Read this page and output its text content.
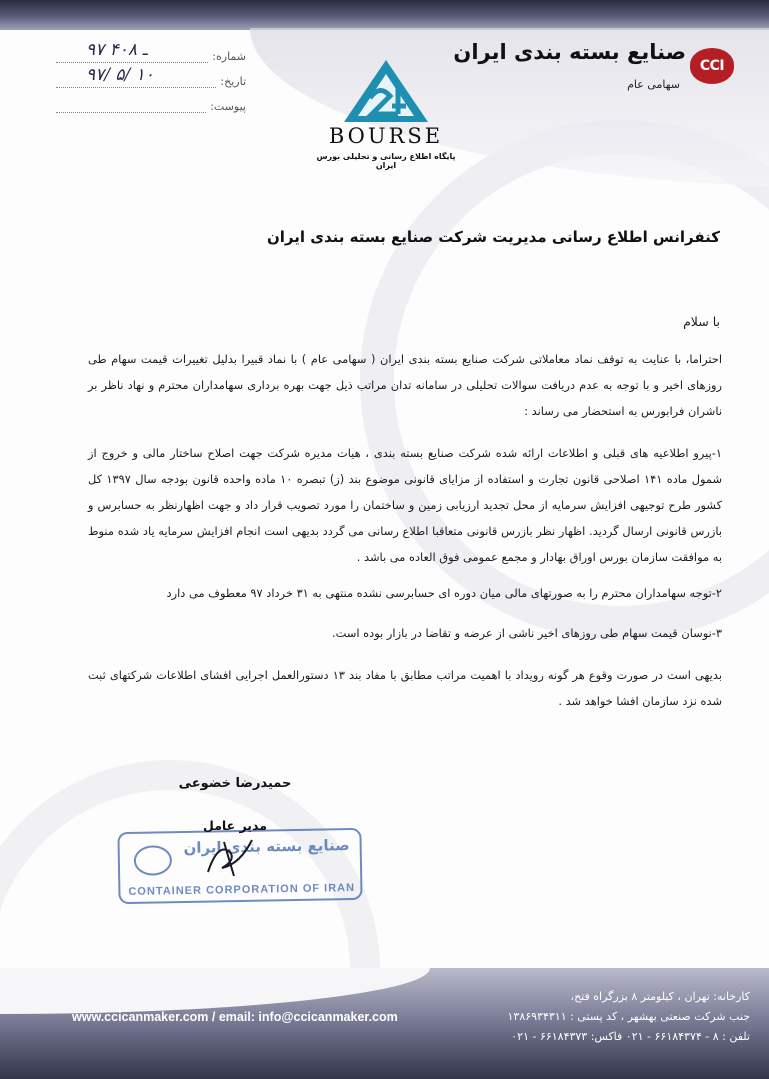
شماره:
۹۷ ـ ۴۰۸
تاریخ:
۹۷/ ۵/ ۱۰
پیوست:
CCI
صنایع بسته بندی ایران
سهامی عام
BOURSE
پایگاه اطلاع رسانی و تحلیلی بورس ایران
کنفرانس اطلاع رسانی مدیریت شرکت صنایع بسته بندی ایران
با سلام
احتراما، با عنایت به توقف نماد معاملاتی شرکت صنایع بسته بندی ایران ( سهامی عام ) با نماد قبیرا بدلیل تغییرات قیمت سهام طی روزهای اخیر و با توجه به عدم دریافت سوالات تحلیلی در سامانه تدان مراتب ذیل جهت بهره برداری سهامداران محترم و نهاد ناظر بر ناشران فرابورس به استحضار می رساند :
۱-پیرو اطلاعیه های قبلی و اطلاعات ارائه شده شرکت صنایع بسته بندی ، هیات مدیره شرکت جهت اصلاح ساختار مالی و خروج از شمول ماده ۱۴۱ اصلاحی قانون تجارت و استفاده از مزایای قانونی موضوع بند (ز) تبصره ۱۰ ماده واحده قانون بودجه سال ۱۳۹۷ کل کشور طرح توجیهی افزایش سرمایه از محل تجدید ارزیابی زمین و ساختمان را مورد تصویب قرار داد و جهت اظهارنظر به حسابرس و بازرس قانونی ارسال گردید. اظهار نظر بازرس قانونی متعاقبا اطلاع رسانی می گردد بدیهی است انجام افزایش سرمایه یاد شده منوط به موافقت سازمان بورس اوراق بهادار و مجمع عمومی فوق العاده می باشد .
۲-توجه سهامداران محترم را به صورتهای مالی میان دوره ای حسابرسی نشده منتهی به ۳۱ خرداد ۹۷ معطوف می دارد
۳-نوسان قیمت سهام طی روزهای اخیر ناشی از عرضه و تقاضا در بازار بوده است.
بدیهی است در صورت وقوع هر گونه رویداد با اهمیت مراتب مطابق با مفاد بند ۱۳ دستورالعمل اجرایی افشای اطلاعات شرکتهای ثبت شده نزد سازمان افشا خواهد شد .
حمیدرضا خضوعی
صنایع بسته بندی ایران
CONTAINER CORPORATION OF IRAN
مدیر عامل
www.ccicanmaker.com / email: info@ccicanmaker.com
کارخانه: تهران ، کیلومتر ۸ بزرگراه فتح،
جنب شرکت صنعتی بهشهر ، کد پستی : ۱۳۸۶۹۳۴۳۱۱
تلفن : ۸ - ۶۶۱۸۴۳۷۴ - ۰۲۱ فاکس: ۶۶۱۸۴۳۷۳ - ۰۲۱
